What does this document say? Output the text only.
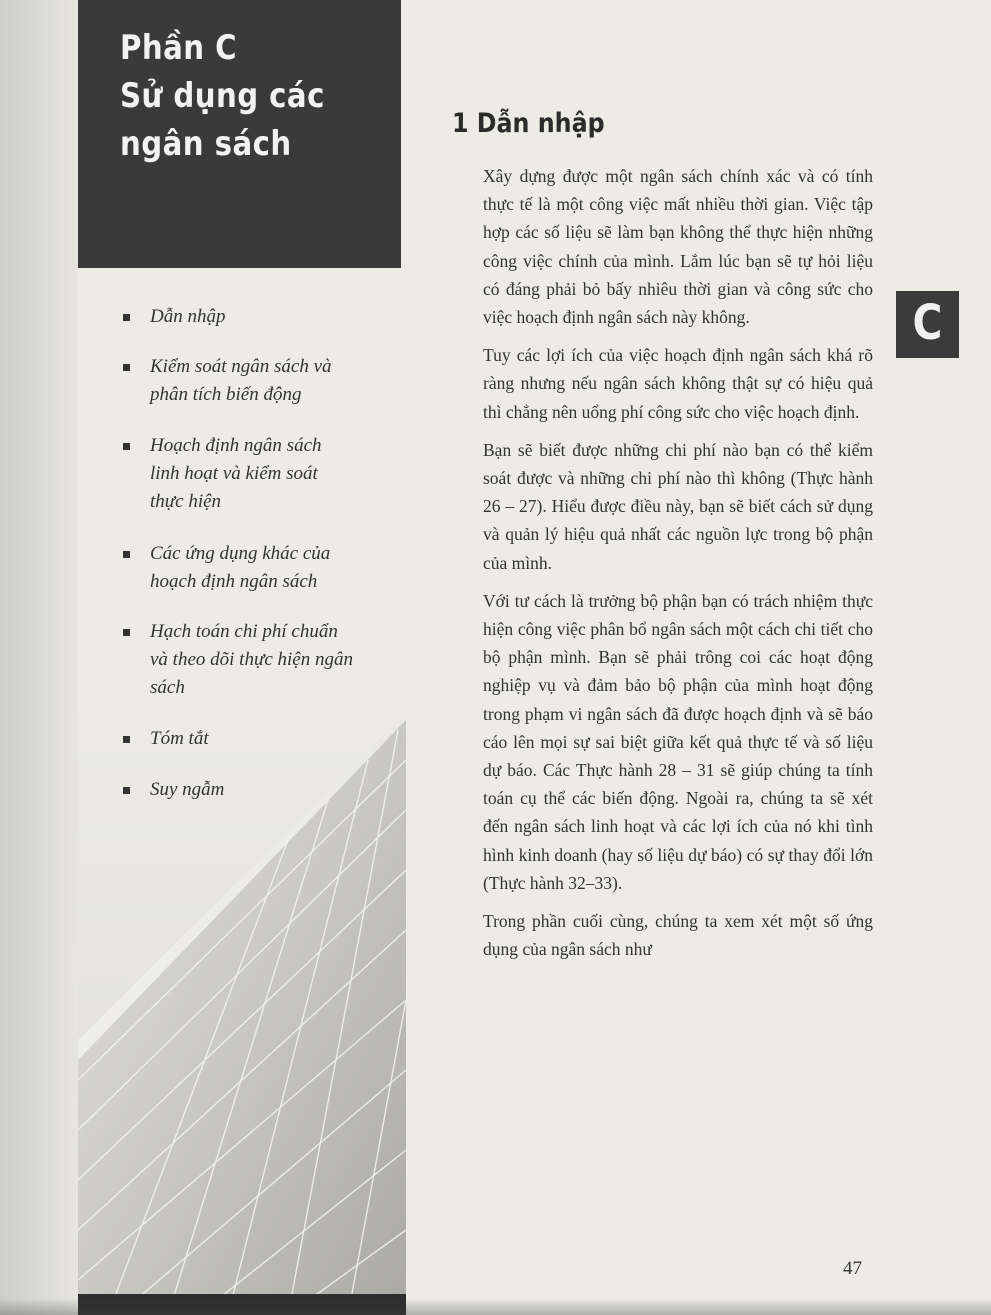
Phần C
Sử dụng các
ngân sách
Dẫn nhập
Kiểm soát ngân sách và
phân tích biến động
Hoạch định ngân sách
linh hoạt và kiểm soát
thực hiện
Các ứng dụng khác của
hoạch định ngân sách
Hạch toán chi phí chuẩn
và theo dõi thực hiện ngân
sách
Tóm tắt
Suy ngẫm
1 Dẫn nhập

Xây dựng được một ngân sách chính xác và có tính thực tế là một công việc mất nhiều thời gian. Việc tập hợp các số liệu sẽ làm bạn không thể thực hiện những công việc chính của mình. Lắm lúc bạn sẽ tự hỏi liệu có đáng phải bỏ bấy nhiêu thời gian và công sức cho việc hoạch định ngân sách này không.

Tuy các lợi ích của việc hoạch định ngân sách khá rõ ràng nhưng nếu ngân sách không thật sự có hiệu quả thì chẳng nên uổng phí công sức cho việc hoạch định.

Bạn sẽ biết được những chi phí nào bạn có thể kiểm soát được và những chi phí nào thì không (Thực hành 26 – 27). Hiểu được điều này, bạn sẽ biết cách sử dụng và quản lý hiệu quả nhất các nguồn lực trong bộ phận của mình.

Với tư cách là trưởng bộ phận bạn có trách nhiệm thực hiện công việc phân bổ ngân sách một cách chi tiết cho bộ phận mình. Bạn sẽ phải trông coi các hoạt động nghiệp vụ và đảm bảo bộ phận của mình hoạt động trong phạm vi ngân sách đã được hoạch định và sẽ báo cáo lên mọi sự sai biệt giữa kết quả thực tế và số liệu dự báo. Các Thực hành 28 – 31 sẽ giúp chúng ta tính toán cụ thể các biến động. Ngoài ra, chúng ta sẽ xét đến ngân sách linh hoạt và các lợi ích của nó khi tình hình kinh doanh (hay số liệu dự báo) có sự thay đổi lớn (Thực hành 32–33).

Trong phần cuối cùng, chúng ta xem xét một số ứng dụng của ngân sách như

C
47
